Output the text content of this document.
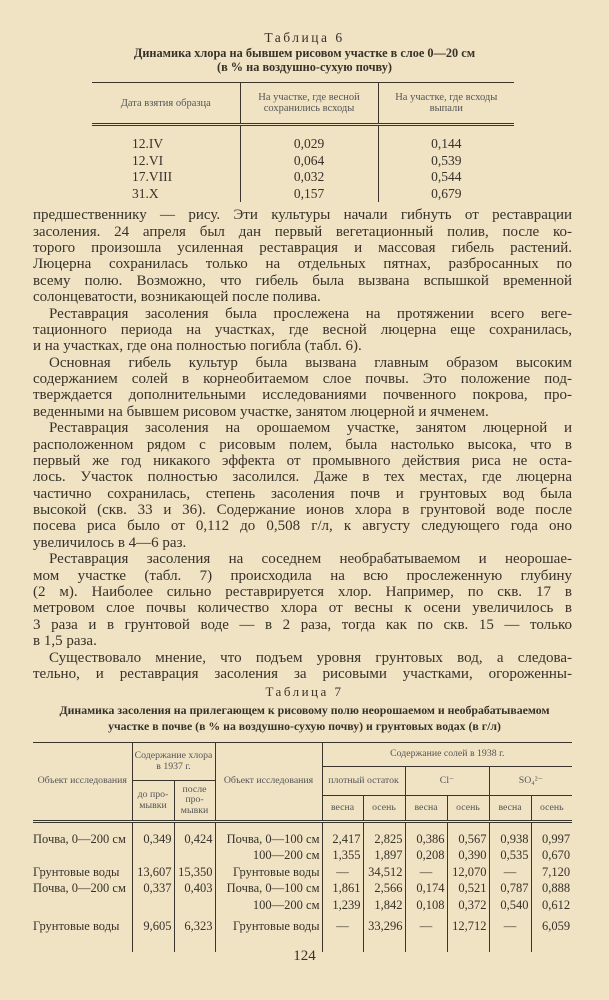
Таблица 6
Динамика хлора на бывшем рисовом участке в слое 0—20 см
(в % на воздушно-сухую почву)
Дата взятия образца	На участке, где весной сохранились всходы	На участке, где всходы выпали
12.IV	0,029	0,144
12.VI	0,064	0,539
17.VIII	0,032	0,544
31.X	0,157	0,679
предшественнику — рису. Эти культуры начали гибнуть от реставрации
засоления. 24 апреля был дан первый вегетационный полив, после ко-
торого произошла усиленная реставрация и массовая гибель растений.
Люцерна сохранилась только на отдельных пятнах, разбросанных по
всему полю. Возможно, что гибель была вызвана вспышкой временной
солонцеватости, возникающей после полива.
Реставрация засоления была прослежена на протяжении всего веге-
тационного периода на участках, где весной люцерна еще сохранилась,
и на участках, где она полностью погибла (табл. 6).
Основная гибель культур была вызвана главным образом высоким
содержанием солей в корнеобитаемом слое почвы. Это положение под-
тверждается дополнительными исследованиями почвенного покрова, про-
веденными на бывшем рисовом участке, занятом люцерной и ячменем.
Реставрация засоления на орошаемом участке, занятом люцерной и
расположенном рядом с рисовым полем, была настолько высока, что в
первый же год никакого эффекта от промывного действия риса не оста-
лось. Участок полностью засолился. Даже в тех местах, где люцерна
частично сохранилась, степень засоления почв и грунтовых вод была
высокой (скв. 33 и 36). Содержание ионов хлора в грунтовой воде после
посева риса было от 0,112 до 0,508 г/л, к августу следующего года оно
увеличилось в 4—6 раз.
Реставрация засоления на соседнем необрабатываемом и неорошае-
мом участке (табл. 7) происходила на всю прослеженную глубину
(2 м). Наиболее сильно реставрируется хлор. Например, по скв. 17 в
метровом слое почвы количество хлора от весны к осени увеличилось в
3 раза и в грунтовой воде — в 2 раза, тогда как по скв. 15 — только
в 1,5 раза.
Существовало мнение, что подъем уровня грунтовых вод, а следова-
тельно, и реставрация засоления за рисовыми участками, огороженны-
Таблица 7
Динамика засоления на прилегающем к рисовому полю неорошаемом и необрабатываемом
участке в почве (в % на воздушно-сухую почву) и грунтовых водах (в г/л)
Объект исследования	Содержание хлора в 1937 г.		Объект исследования	Содержание солей в 1938 г.					
				плотный остаток		Cl⁻		SO₄²⁻	
	до про-мывки	после про-мывки							
				весна	осень	весна	осень	весна	осень
Почва, 0—200 см	0,349	0,424	Почва, 0—100 см	2,417	2,825	0,386	0,567	0,938	0,997
			100—200 см	1,355	1,897	0,208	0,390	0,535	0,670
Грунтовые воды	13,607	15,350	Грунтовые воды	—	34,512	—	12,070	—	7,120
Почва, 0—200 см	0,337	0,403	Почва, 0—100 см	1,861	2,566	0,174	0,521	0,787	0,888
			100—200 см	1,239	1,842	0,108	0,372	0,540	0,612
Грунтовые воды	9,605	6,323	Грунтовые воды	—	33,296	—	12,712	—	6,059
124
